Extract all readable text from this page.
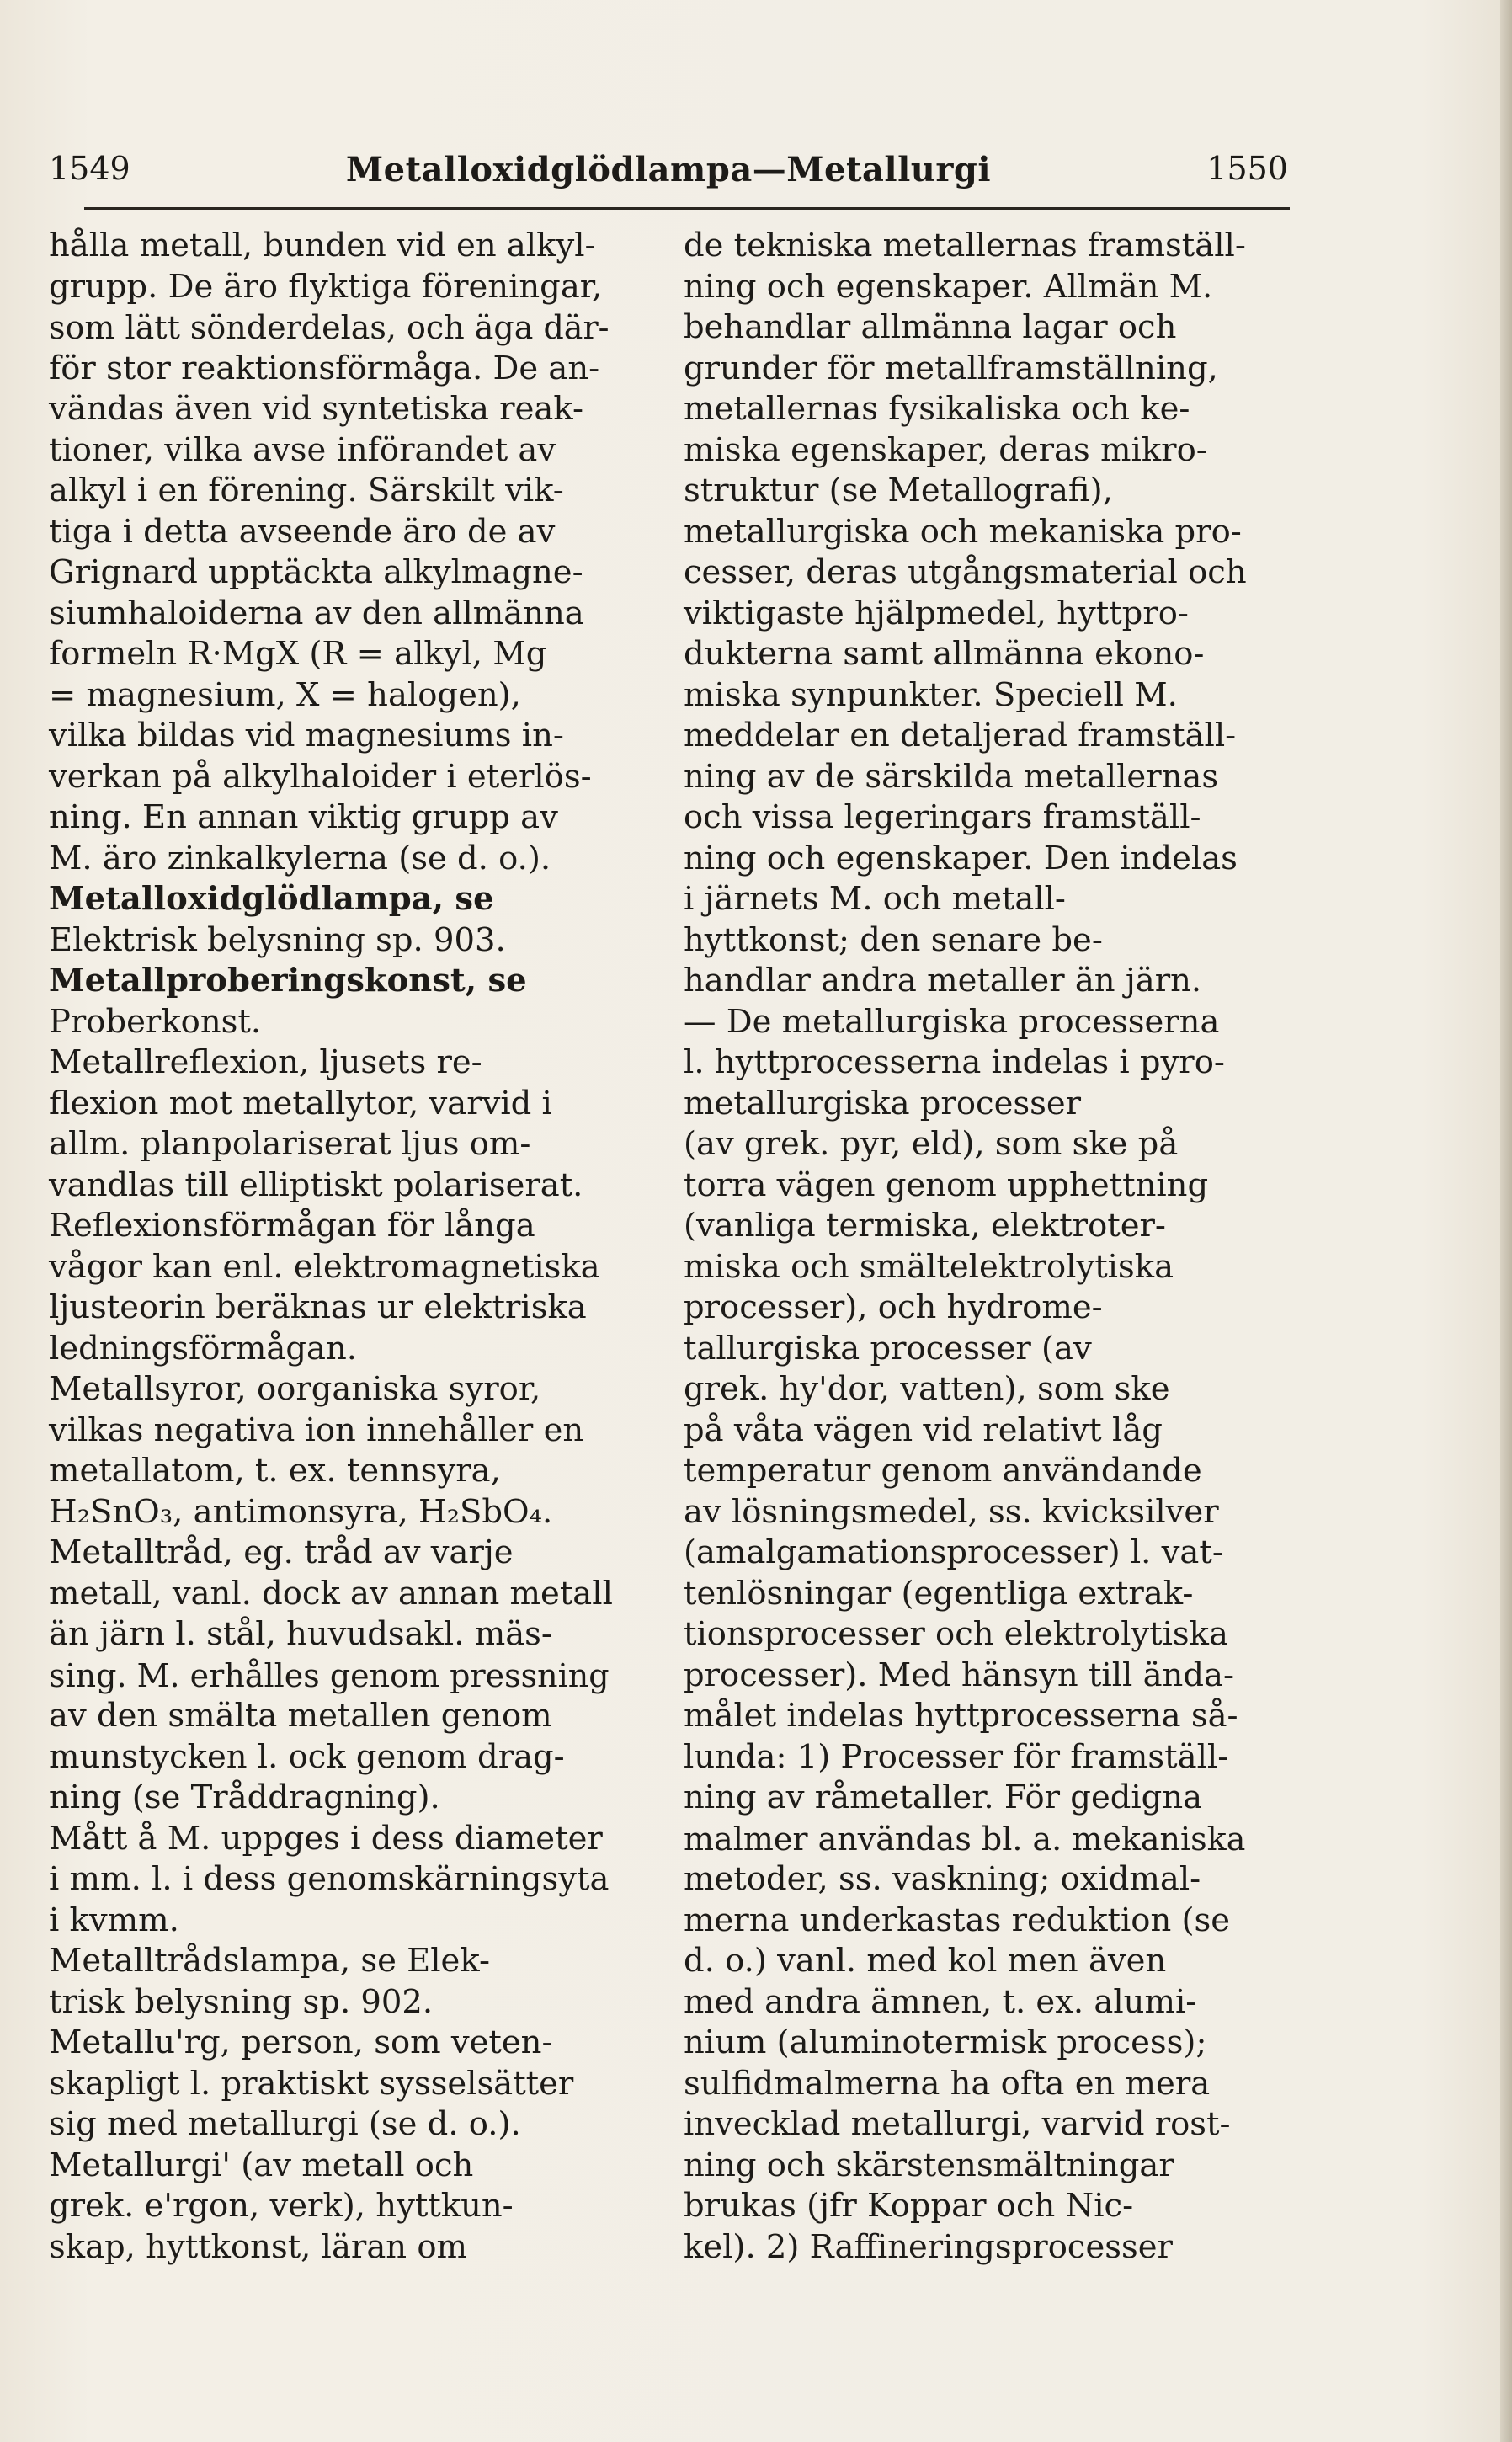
1549	Metalloxidglödlampa—Metallurgi	1550
hålla metall, bunden vid en alkyl-
grupp. De äro flyktiga föreningar,
som lätt sönderdelas, och äga där-
för stor reaktionsförmåga. De an-
vändas även vid syntetiska reak-
tioner, vilka avse införandet av
alkyl i en förening. Särskilt vik-
tiga i detta avseende äro de av
Grignard upptäckta alkylmagne-
siumhaloiderna av den allmänna
formeln R·MgX (R = alkyl, Mg
= magnesium, X = halogen),
vilka bildas vid magnesiums in-
verkan på alkylhaloider i eterlös-
ning. En annan viktig grupp av
M. äro zinkalkylerna (se d. o.).
Metalloxidglödlampa, se
Elektrisk belysning sp. 903.
Metallproberingskonst, se
Proberkonst.
Metallreflexion, ljusets re-
flexion mot metallytor, varvid i
allm. planpolariserat ljus om-
vandlas till elliptiskt polariserat.
Reflexionsförmågan för långa
vågor kan enl. elektromagnetiska
ljusteorin beräknas ur elektriska
ledningsförmågan.
Metallsyror, oorganiska syror,
vilkas negativa ion innehåller en
metallatom, t. ex. tennsyra,
H₂SnO₃, antimonsyra, H₂SbO₄.
Metalltråd, eg. tråd av varje
metall, vanl. dock av annan metall
än järn l. stål, huvudsakl. mäs-
sing. M. erhålles genom pressning
av den smälta metallen genom
munstycken l. ock genom drag-
ning (se Tråddragning).
Mått å M. uppges i dess diameter
i mm. l. i dess genomskärningsyta
i kvmm.
Metalltrådslampa, se Elek-
trisk belysning sp. 902.
Metallu'rg, person, som veten-
skapligt l. praktiskt sysselsätter
sig med metallurgi (se d. o.).
Metallurgi' (av metall och
grek. e'rgon, verk), hyttkun-
skap, hyttkonst, läran om
de tekniska metallernas framställ-
ning och egenskaper. Allmän M.
behandlar allmänna lagar och
grunder för metallframställning,
metallernas fysikaliska och ke-
miska egenskaper, deras mikro-
struktur (se Metallografi),
metallurgiska och mekaniska pro-
cesser, deras utgångsmaterial och
viktigaste hjälpmedel, hyttpro-
dukterna samt allmänna ekono-
miska synpunkter. Speciell M.
meddelar en detaljerad framställ-
ning av de särskilda metallernas
och vissa legeringars framställ-
ning och egenskaper. Den indelas
i järnets M. och metall-
hyttkonst; den senare be-
handlar andra metaller än järn.
— De metallurgiska processerna
l. hyttprocesserna indelas i pyro-
metallurgiska processer
(av grek. pyr, eld), som ske på
torra vägen genom upphettning
(vanliga termiska, elektroter-
miska och smältelektrolytiska
processer), och hydrome-
tallurgiska processer (av
grek. hy'dor, vatten), som ske
på våta vägen vid relativt låg
temperatur genom användande
av lösningsmedel, ss. kvicksilver
(amalgamationsprocesser) l. vat-
tenlösningar (egentliga extrak-
tionsprocesser och elektrolytiska
processer). Med hänsyn till ända-
målet indelas hyttprocesserna så-
lunda: 1) Processer för framställ-
ning av råmetaller. För gedigna
malmer användas bl. a. mekaniska
metoder, ss. vaskning; oxidmal-
merna underkastas reduktion (se
d. o.) vanl. med kol men även
med andra ämnen, t. ex. alumi-
nium (aluminotermisk process);
sulfidmalmerna ha ofta en mera
invecklad metallurgi, varvid rost-
ning och skärstensmältningar
brukas (jfr Koppar och Nic-
kel). 2) Raffineringsprocesser
